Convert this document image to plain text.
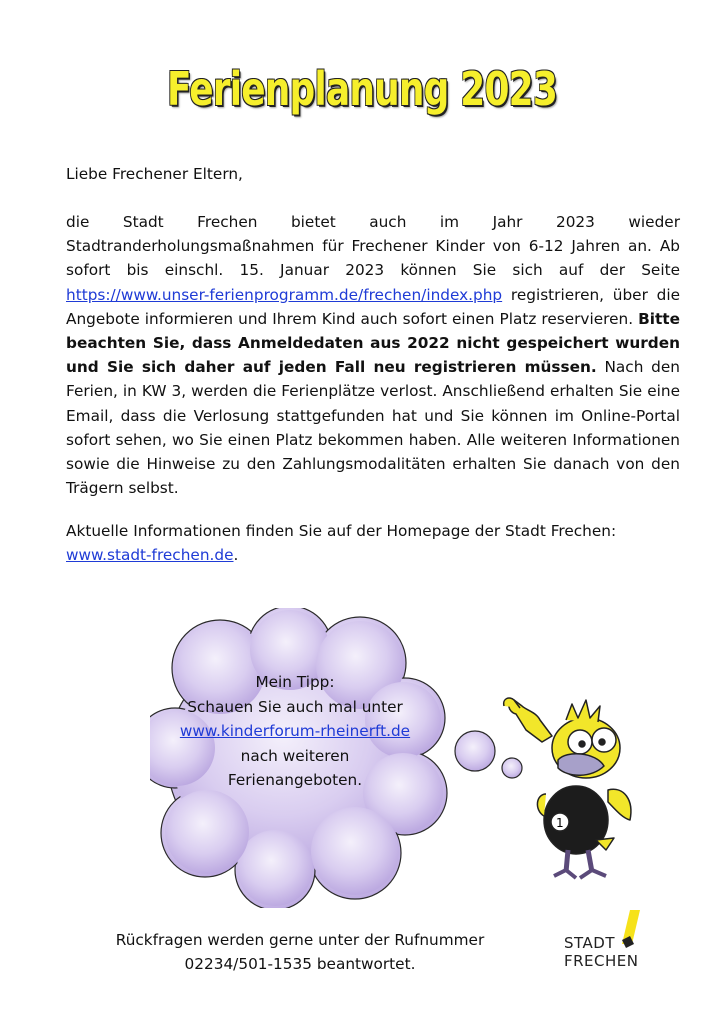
Ferienplanung 2023
Liebe Frechener Eltern,
die Stadt Frechen bietet auch im Jahr 2023 wieder Stadtranderholungsmaßnahmen für Frechener Kinder von 6-12 Jahren an. Ab sofort bis einschl. 15. Januar 2023 können Sie sich auf der Seite https://www.unser-ferienprogramm.de/frechen/index.php registrieren, über die Angebote informieren und Ihrem Kind auch sofort einen Platz reservieren. Bitte beachten Sie, dass Anmeldedaten aus 2022 nicht gespeichert wurden und Sie sich daher auf jeden Fall neu registrieren müssen. Nach den Ferien, in KW 3, werden die Ferienplätze verlost. Anschließend erhalten Sie eine Email, dass die Verlosung stattgefunden hat und Sie können im Online-Portal sofort sehen, wo Sie einen Platz bekommen haben. Alle weiteren Informationen sowie die Hinweise zu den Zahlungsmodalitäten erhalten Sie danach von den Trägern selbst.
Aktuelle Informationen finden Sie auf der Homepage der Stadt Frechen:
www.stadt-frechen.de.
Mein Tipp:
Schauen Sie auch mal unter
www.kinderforum-rheinerft.de
nach weiteren
Ferienangeboten.
1
Rückfragen werden gerne unter der Rufnummer
02234/501-1535 beantwortet.
STADTFRECHEN
